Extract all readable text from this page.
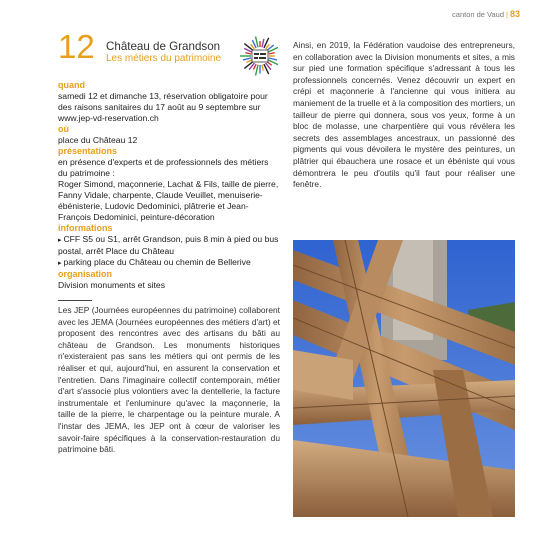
canton de Vaud | 83
12 Château de Grandson
Les métiers du patrimoine
quand
samedi 12 et dimanche 13, réservation obligatoire pour des raisons sanitaires du 17 août au 9 septembre sur www.jep-vd-reservation.ch
où
place du Château 12
présentations
en présence d'experts et de professionnels des métiers du patrimoine :
Roger Simond, maçonnerie, Lachat & Fils, taille de pierre, Fanny Vidale, charpente, Claude Veuillet, menuiserie-ébénisterie, Ludovic Dedominici, plâtrerie et Jean-François Dedominici, peinture-décoration
informations
▸ CFF S5 ou S1, arrêt Grandson, puis 8 min à pied ou bus postal, arrêt Place du Château
▸ parking place du Château ou chemin de Bellerive
organisation
Division monuments et sites
Les JEP (Journées européennes du patrimoine) collaborent avec les JEMA (Journées européennes des métiers d'art) et proposent des rencontres avec des artisans du bâti au château de Grandson. Les monuments historiques n'existeraient pas sans les métiers qui ont permis de les réaliser et qui, aujourd'hui, en assurent la conservation et l'entretien. Dans l'imaginaire collectif contemporain, métier d'art s'associe plus volontiers avec la dentellerie, la facture instrumentale et l'enluminure qu'avec la maçonnerie, la taille de la pierre, le charpentage ou la peinture murale. A l'instar des JEMA, les JEP ont à cœur de valoriser les savoir-faire spécifiques à la conservation-restauration du patrimoine bâti.
Ainsi, en 2019, la Fédération vaudoise des entrepreneurs, en collaboration avec la Division monuments et sites, a mis sur pied une formation spécifique s'adressant à tous les professionnels concernés. Venez découvrir un expert en crépi et maçonnerie à l'ancienne qui vous initiera au maniement de la truelle et à la composition des mortiers, un tailleur de pierre qui donnera, sous vos yeux, forme à un bloc de molasse, une charpentière qui vous révélera les secrets des assemblages ancestraux, un passionné des pigments qui vous dévoilera le mystère des peintures, un plâtrier qui ébauchera une rosace et un ébéniste qui vous démontrera le peu d'outils qu'il faut pour réaliser une fenêtre.
